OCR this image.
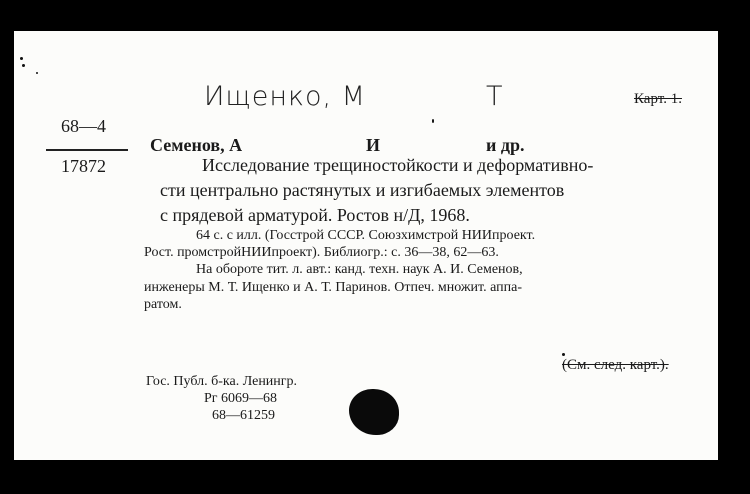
Ищенко, М	Т	Карт. 1.
68—4
17872
Семенов, А	И	и др.
Исследование трещиностойкости и деформативно-
сти центрально растянутых и изгибаемых элементов
с прядевой арматурой. Ростов н/Д, 1968.
64 с. с илл. (Госстрой СССР. Союзхимстрой НИИпроект.
Рост. промстройНИИпроект). Библиогр.: с. 36—38, 62—63.
На обороте тит. л. авт.: канд. техн. наук А. И. Семенов,
инженеры М. Т. Ищенко и А. Т. Паринов. Отпеч. множит. аппа-
ратом.
(См. след. карт.).
Гос. Публ. б-ка. Ленингр.
Рг 6069—68
68—61259
